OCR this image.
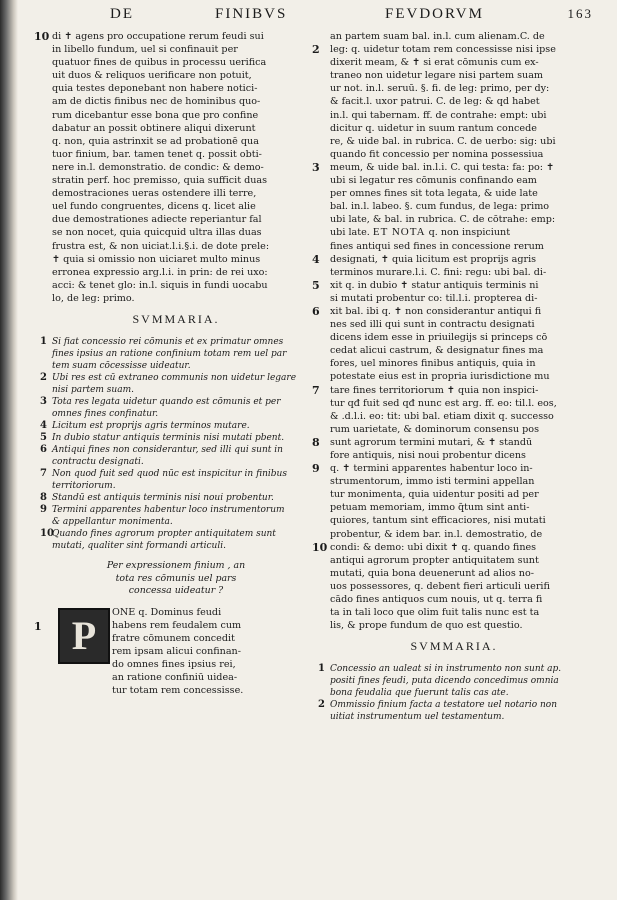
DE	FINIBVS	FEVDORVM	163
10 di ✝ agens pro occupatione rerum feudi sui
in libello fundum, uel si confinauit per
quatuor fines de quibus in processu uerifica
uit duos & reliquos uerificare non potuit,
quia testes deponebant non habere notici-
am de dictis finibus nec de hominibus quo-
rum dicebantur esse bona que pro confine
dabatur an possit obtinere aliqui dixerunt
q. non, quia astrinxit se ad probationē qua
tuor finium, bar. tamen tenet q. possit obti-
nere in.l. demonstratio. de condic: & demo-
stratin perf. hoc premisso, quia sufficit duas
demostraciones ueras ostendere illi terre,
uel fundo congruentes, dicens q. licet alie
due demostrationes adiecte reperiantur fal
se non nocet, quia quicquid ultra illas duas
frustra est, & non uiciat.l.i.§.i. de dote prele:
✝ quia si omissio non uiciaret multo minus
erronea expressio arg.l.i. in prin: de rei uxo:
acci: & tenet glo: in.l. siquis in fundi uocabu
lo, de leg: primo.
SVMMARIA.
1 Si fiat concessio rei cōmunis et ex primatur omnes
fines ipsius an ratione confinium totam rem uel par
tem suam cōcessisse uideatur.
2 Ubi res est cū extraneo communis non uidetur legare
nisi partem suam.
3 Tota res legata uidetur quando est cōmunis et per
omnes fines confinatur.
4 Licitum est proprijs agris terminos mutare.
5 In dubio statur antiquis terminis nisi mutati pbent.
6 Antiqui fines non considerantur, sed illi qui sunt in
contractu designati.
7 Non quod fuit sed quod nūc est inspicitur in finibus
territoriorum.
8 Standū est antiquis terminis nisi noui probentur.
9 Termini apparentes habentur loco instrumentorum
& appellantur monimenta.
10
Quando fines agrorum propter antiquitatem sunt
mutati, qualiter sint formandi articuli.
Per expressionem finium , an
tota res cōmunis uel pars
concessa uideatur ?
1 P
ONE q. Dominus feudi
habens rem feudalem cum
fratre cōmunem concedit
rem ipsam alicui confinan-
do omnes fines ipsius rei,
an ratione confiniū uidea-
tur totam rem concessisse.
an partem suam bal. in.l. cum alienam.C. de
2 leg: q. uidetur totam rem concessisse nisi ipse
dixerit meam, & ✝ si erat cōmunis cum ex-
traneo non uidetur legare nisi partem suam
ur not. in.l. seruū. §. fi. de leg: primo, per dy:
& facit.l. uxor patrui. C. de leg: & qd habet
in.l. qui tabernam. ff. de contrahe: empt: ubi
dicitur q. uidetur in suum rantum concede
re, & uide bal. in rubrica. C. de uerbo: sig: ubi
quando fit concessio per nomina possessiua
3 meum, & uide bal. in.l.i. C. qui testa: fa: po: ✝
ubi si legatur res cōmunis confinando eam
per omnes fines sit tota legata, & uide late
bal. in.l. labeo. §. cum fundus, de lega: primo
ubi late, & bal. in rubrica. C. de cōtrahe: emp:
ubi late. ET NOTA q. non inspiciunt
fines antiqui sed fines in concessione rerum
4 designati, ✝ quia licitum est proprijs agris
terminos murare.l.i. C. fini: regu: ubi bal. di-
5 xit q. in dubio ✝ statur antiquis terminis ni
si mutati probentur co: til.l.i. propterea di-
6 xit bal. ibi q. ✝ non considerantur antiqui fi
nes sed illi qui sunt in contractu designati
dicens idem esse in priuilegijs si princeps cō
cedat alicui castrum, & designatur fines ma
fores, uel minores finibus antiquis, quia in
potestate eius est in propria iurisdictione mu
7 tare fines territoriorum ✝ quia non inspici-
tur qđ fuit sed qđ nunc est arg. ff. eo: til.l. eos,
& .d.l.i. eo: tit: ubi bal. etiam dixit q. successo
rum uarietate, & dominorum consensu pos
8 sunt agrorum termini mutari, & ✝ standū
fore antiquis, nisi noui probentur dicens
9 q. ✝ termini apparentes habentur loco in-
strumentorum, immo isti termini appellan
tur monimenta, quia uidentur positi ad per
petuam memoriam, immo q̄tum sint anti-
quiores, tantum sint efficaciores, nisi mutati
probentur, & idem bar. in.l. demostratio, de
10 condi: & demo: ubi dixit ✝ q. quando fines
antiqui agrorum propter antiquitatem sunt
mutati, quia bona deuenerunt ad alios no-
uos possessores, q. debent fieri articuli uerifi
cādo fines antiquos cum nouis, ut q. terra fi
ta in tali loco que olim fuit talis nunc est ta
lis, & prope fundum de quo est questio.
SVMMARIA.
1 Concessio an ualeat si in instrumento non sunt ap.
positi fines feudi, puta dicendo concedimus omnia
bona feudalia que fuerunt talis cas ate.
2 Ommissio finium facta a testatore uel notario non
uitiat instrumentum uel testamentum.
